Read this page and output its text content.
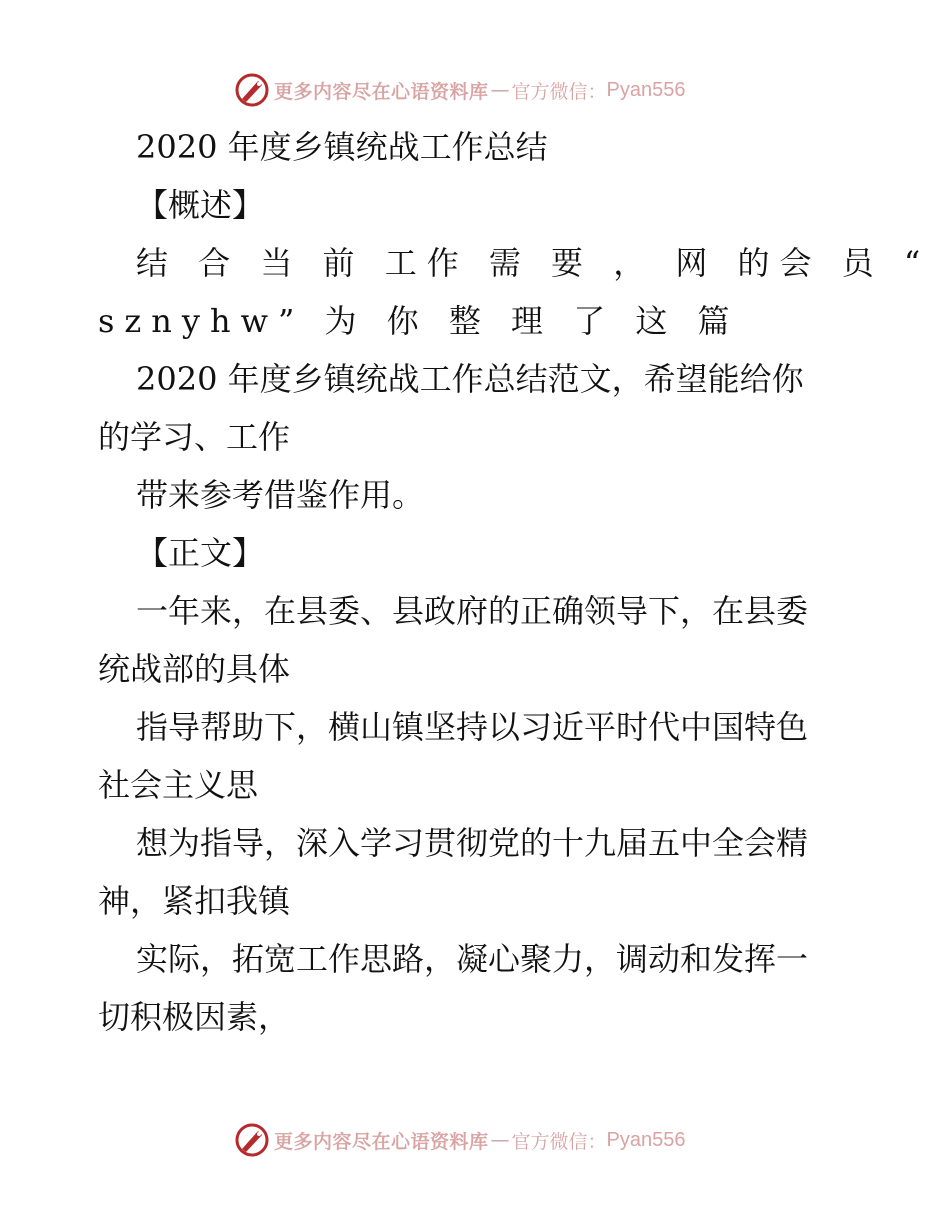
更多内容尽在心语资料库 — 官方微信： Pyan556
2020 年度乡镇统战工作总结
【概述】
结 合 当 前 工作 需 要 ， 网 的会 员 “
sznyhw” 为 你 整 理 了 这 篇
2020 年度乡镇统战工作总结范文，希望能给你
的学习、工作
带来参考借鉴作用。
【正文】
一年来，在县委、县政府的正确领导下，在县委
统战部的具体
指导帮助下，横山镇坚持以习近平时代中国特色
社会主义思
想为指导，深入学习贯彻党的十九届五中全会精
神，紧扣我镇
实际，拓宽工作思路，凝心聚力，调动和发挥一
切积极因素，
更多内容尽在心语资料库 — 官方微信： Pyan556
